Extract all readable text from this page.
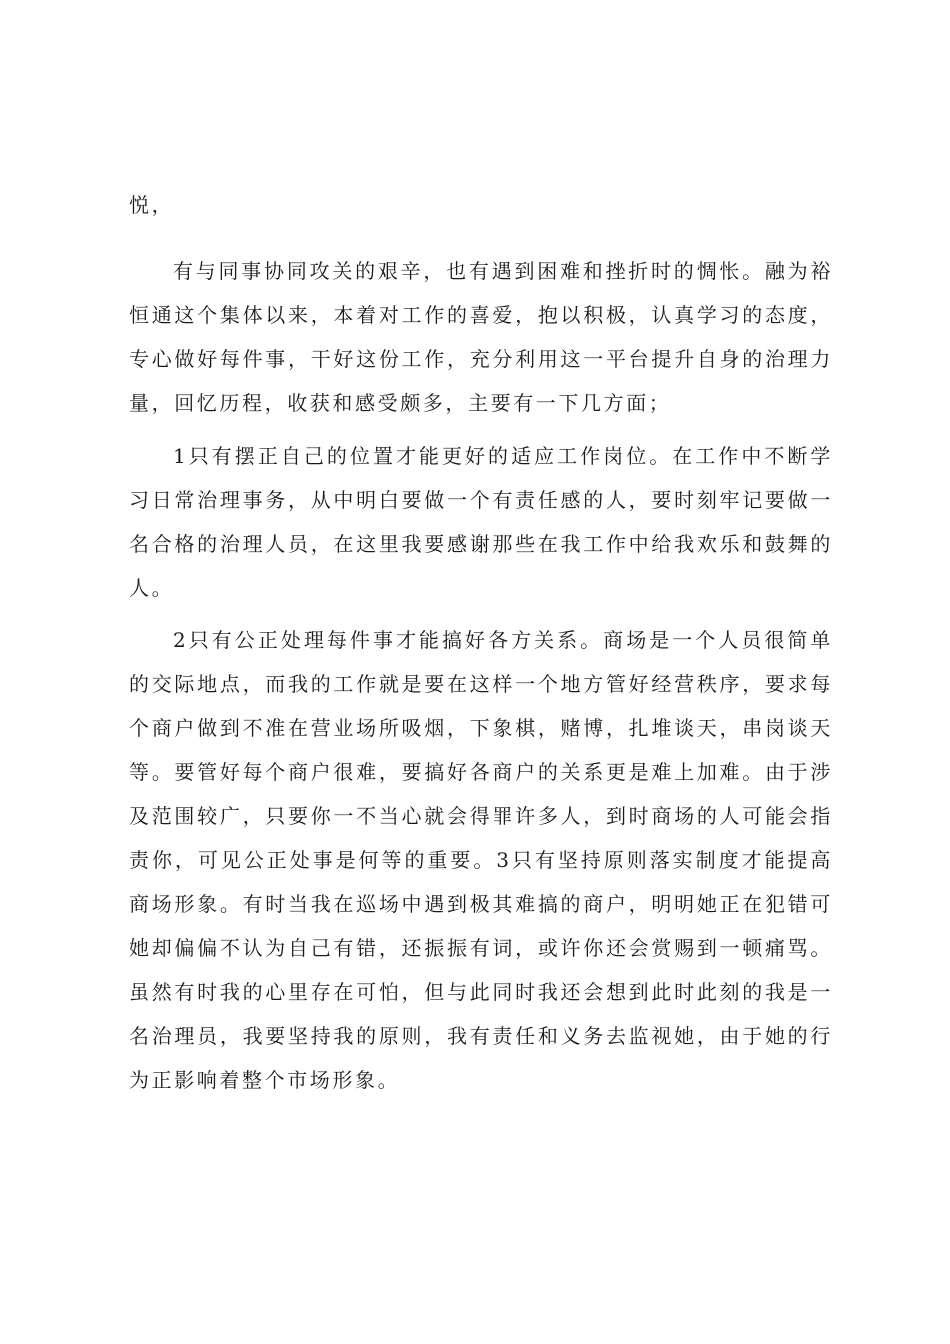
悦，

有与同事协同攻关的艰辛，也有遇到困难和挫折时的惆怅。融为裕恒通这个集体以来，本着对工作的喜爱，抱以积极，认真学习的态度，专心做好每件事，干好这份工作，充分利用这一平台提升自身的治理力量，回忆历程，收获和感受颇多，主要有一下几方面；

1只有摆正自己的位置才能更好的适应工作岗位。在工作中不断学习日常治理事务，从中明白要做一个有责任感的人，要时刻牢记要做一名合格的治理人员，在这里我要感谢那些在我工作中给我欢乐和鼓舞的人。

2只有公正处理每件事才能搞好各方关系。商场是一个人员很简单的交际地点，而我的工作就是要在这样一个地方管好经营秩序，要求每个商户做到不准在营业场所吸烟，下象棋，赌博，扎堆谈天，串岗谈天等。要管好每个商户很难，要搞好各商户的关系更是难上加难。由于涉及范围较广，只要你一不当心就会得罪许多人，到时商场的人可能会指责你，可见公正处事是何等的重要。3只有坚持原则落实制度才能提高商场形象。有时当我在巡场中遇到极其难搞的商户，明明她正在犯错可她却偏偏不认为自己有错，还振振有词，或许你还会赏赐到一顿痛骂。虽然有时我的心里存在可怕，但与此同时我还会想到此时此刻的我是一名治理员，我要坚持我的原则，我有责任和义务去监视她，由于她的行为正影响着整个市场形象。
